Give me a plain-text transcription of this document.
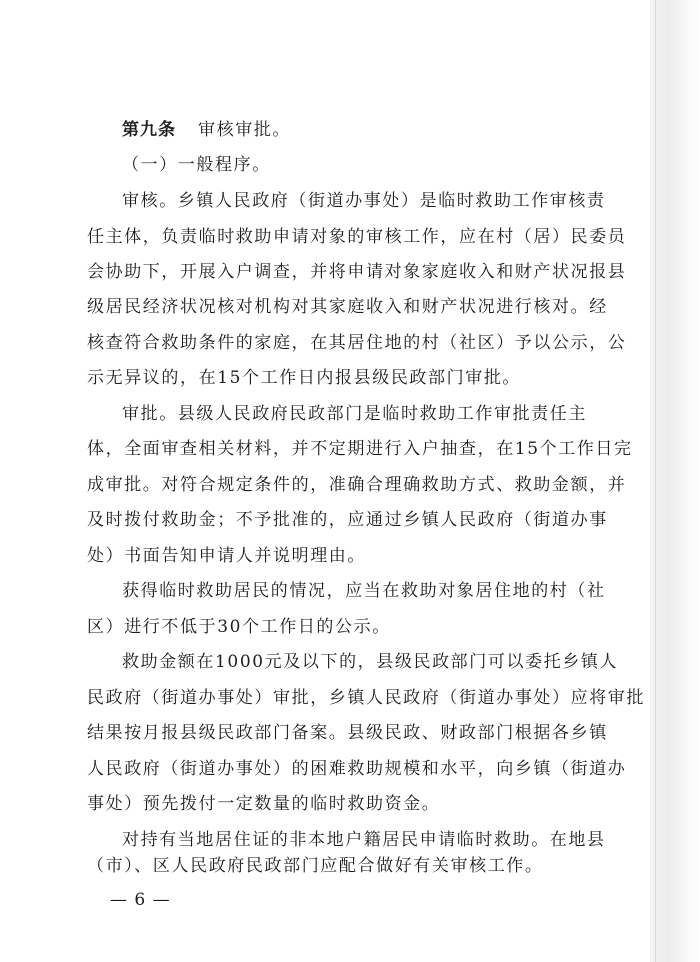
第九条 审核审批。
（一）一般程序。
审核。乡镇人民政府（街道办事处）是临时救助工作审核责
任主体，负责临时救助申请对象的审核工作，应在村（居）民委员
会协助下，开展入户调查，并将申请对象家庭收入和财产状况报县
级居民经济状况核对机构对其家庭收入和财产状况进行核对。经
核查符合救助条件的家庭，在其居住地的村（社区）予以公示，公
示无异议的，在15个工作日内报县级民政部门审批。
审批。县级人民政府民政部门是临时救助工作审批责任主
体，全面审查相关材料，并不定期进行入户抽查，在15个工作日完
成审批。对符合规定条件的，准确合理确救助方式、救助金额，并
及时拨付救助金；不予批准的，应通过乡镇人民政府（街道办事
处）书面告知申请人并说明理由。
获得临时救助居民的情况，应当在救助对象居住地的村（社
区）进行不低于30个工作日的公示。
救助金额在1000元及以下的，县级民政部门可以委托乡镇人
民政府（街道办事处）审批，乡镇人民政府（街道办事处）应将审批
结果按月报县级民政部门备案。县级民政、财政部门根据各乡镇
人民政府（街道办事处）的困难救助规模和水平，向乡镇（街道办
事处）预先拨付一定数量的临时救助资金。
对持有当地居住证的非本地户籍居民申请临时救助。在地县
（市）、区人民政府民政部门应配合做好有关审核工作。
— 6 —
